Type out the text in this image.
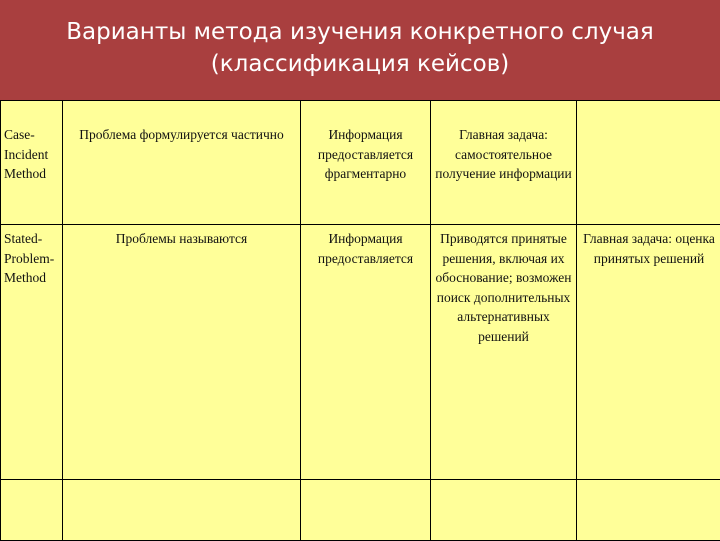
Варианты метода изучения конкретного случая
(классификация кейсов)
Case-Incident Method	Проблема формулируется частично	Информация предоставляется фрагментарно	Главная задача: самостоятельное получение информации	

Stated-Problem-Method	Проблемы называются	Информация предоставляется	Приводятся принятые решения, включая их обоснование; возможен поиск дополнительных альтернативных решений	Главная задача: оценка принятых решений
